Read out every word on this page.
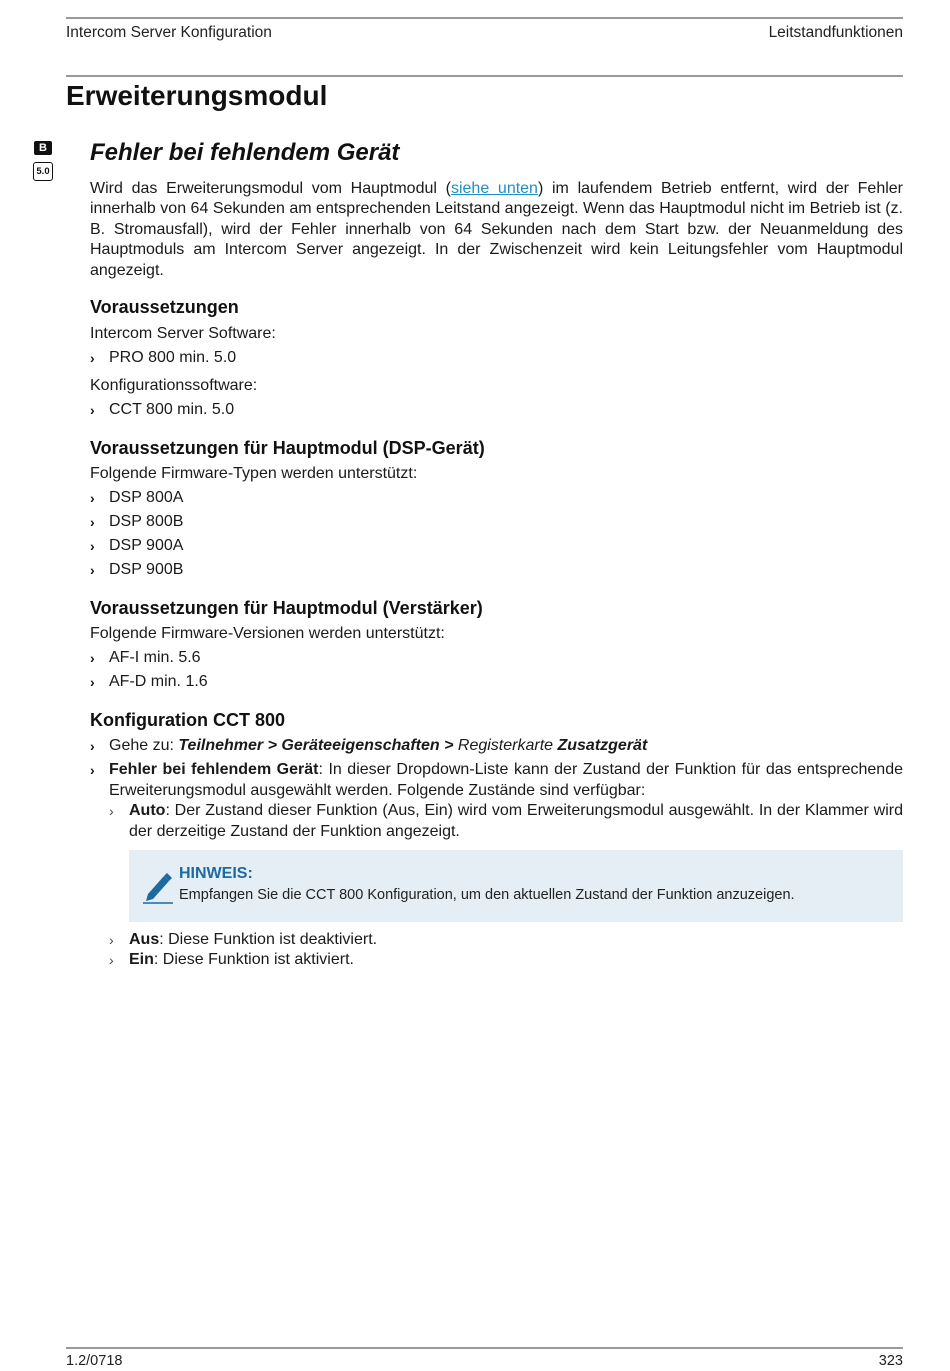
Intercom Server Konfiguration	Leitstandfunktionen
Erweiterungsmodul
B
5.0
Fehler bei fehlendem Gerät

Wird das Erweiterungsmodul vom Hauptmodul (siehe unten) im laufendem Betrieb entfernt, wird der Fehler innerhalb von 64 Sekunden am entsprechenden Leitstand angezeigt. Wenn das Hauptmodul nicht im Betrieb ist (z. B. Stromausfall), wird der Fehler innerhalb von 64 Sekunden nach dem Start bzw. der Neuanmeldung des Hauptmoduls am Intercom Server angezeigt. In der Zwischenzeit wird kein Leitungsfehler vom Hauptmodul angezeigt.

Voraussetzungen

Intercom Server Software:

› PRO 800 min. 5.0

Konfigurationssoftware:

› CCT 800 min. 5.0
Voraussetzungen für Hauptmodul (DSP-Gerät)

Folgende Firmware-Typen werden unterstützt:

› DSP 800A
› DSP 800B
› DSP 900A
› DSP 900B
Voraussetzungen für Hauptmodul (Verstärker)

Folgende Firmware-Versionen werden unterstützt:

› AF-I min. 5.6
› AF-D min. 1.6
Konfiguration CCT 800
› Gehe zu: Teilnehmer > Geräteeigenschaften > Registerkarte Zusatzgerät
› Fehler bei fehlendem Gerät: In dieser Dropdown-Liste kann der Zustand der Funktion für das entsprechende Erweiterungsmodul ausgewählt werden. Folgende Zustände sind verfügbar:
› Auto: Der Zustand dieser Funktion (Aus, Ein) wird vom Erweiterungsmodul ausgewählt. In der Klammer wird der derzeitige Zustand der Funktion angezeigt.
HINWEIS:
Empfangen Sie die CCT 800 Konfiguration, um den aktuellen Zustand der Funktion anzuzeigen.
› Aus: Diese Funktion ist deaktiviert.
› Ein: Diese Funktion ist aktiviert.
1.2/0718	323
